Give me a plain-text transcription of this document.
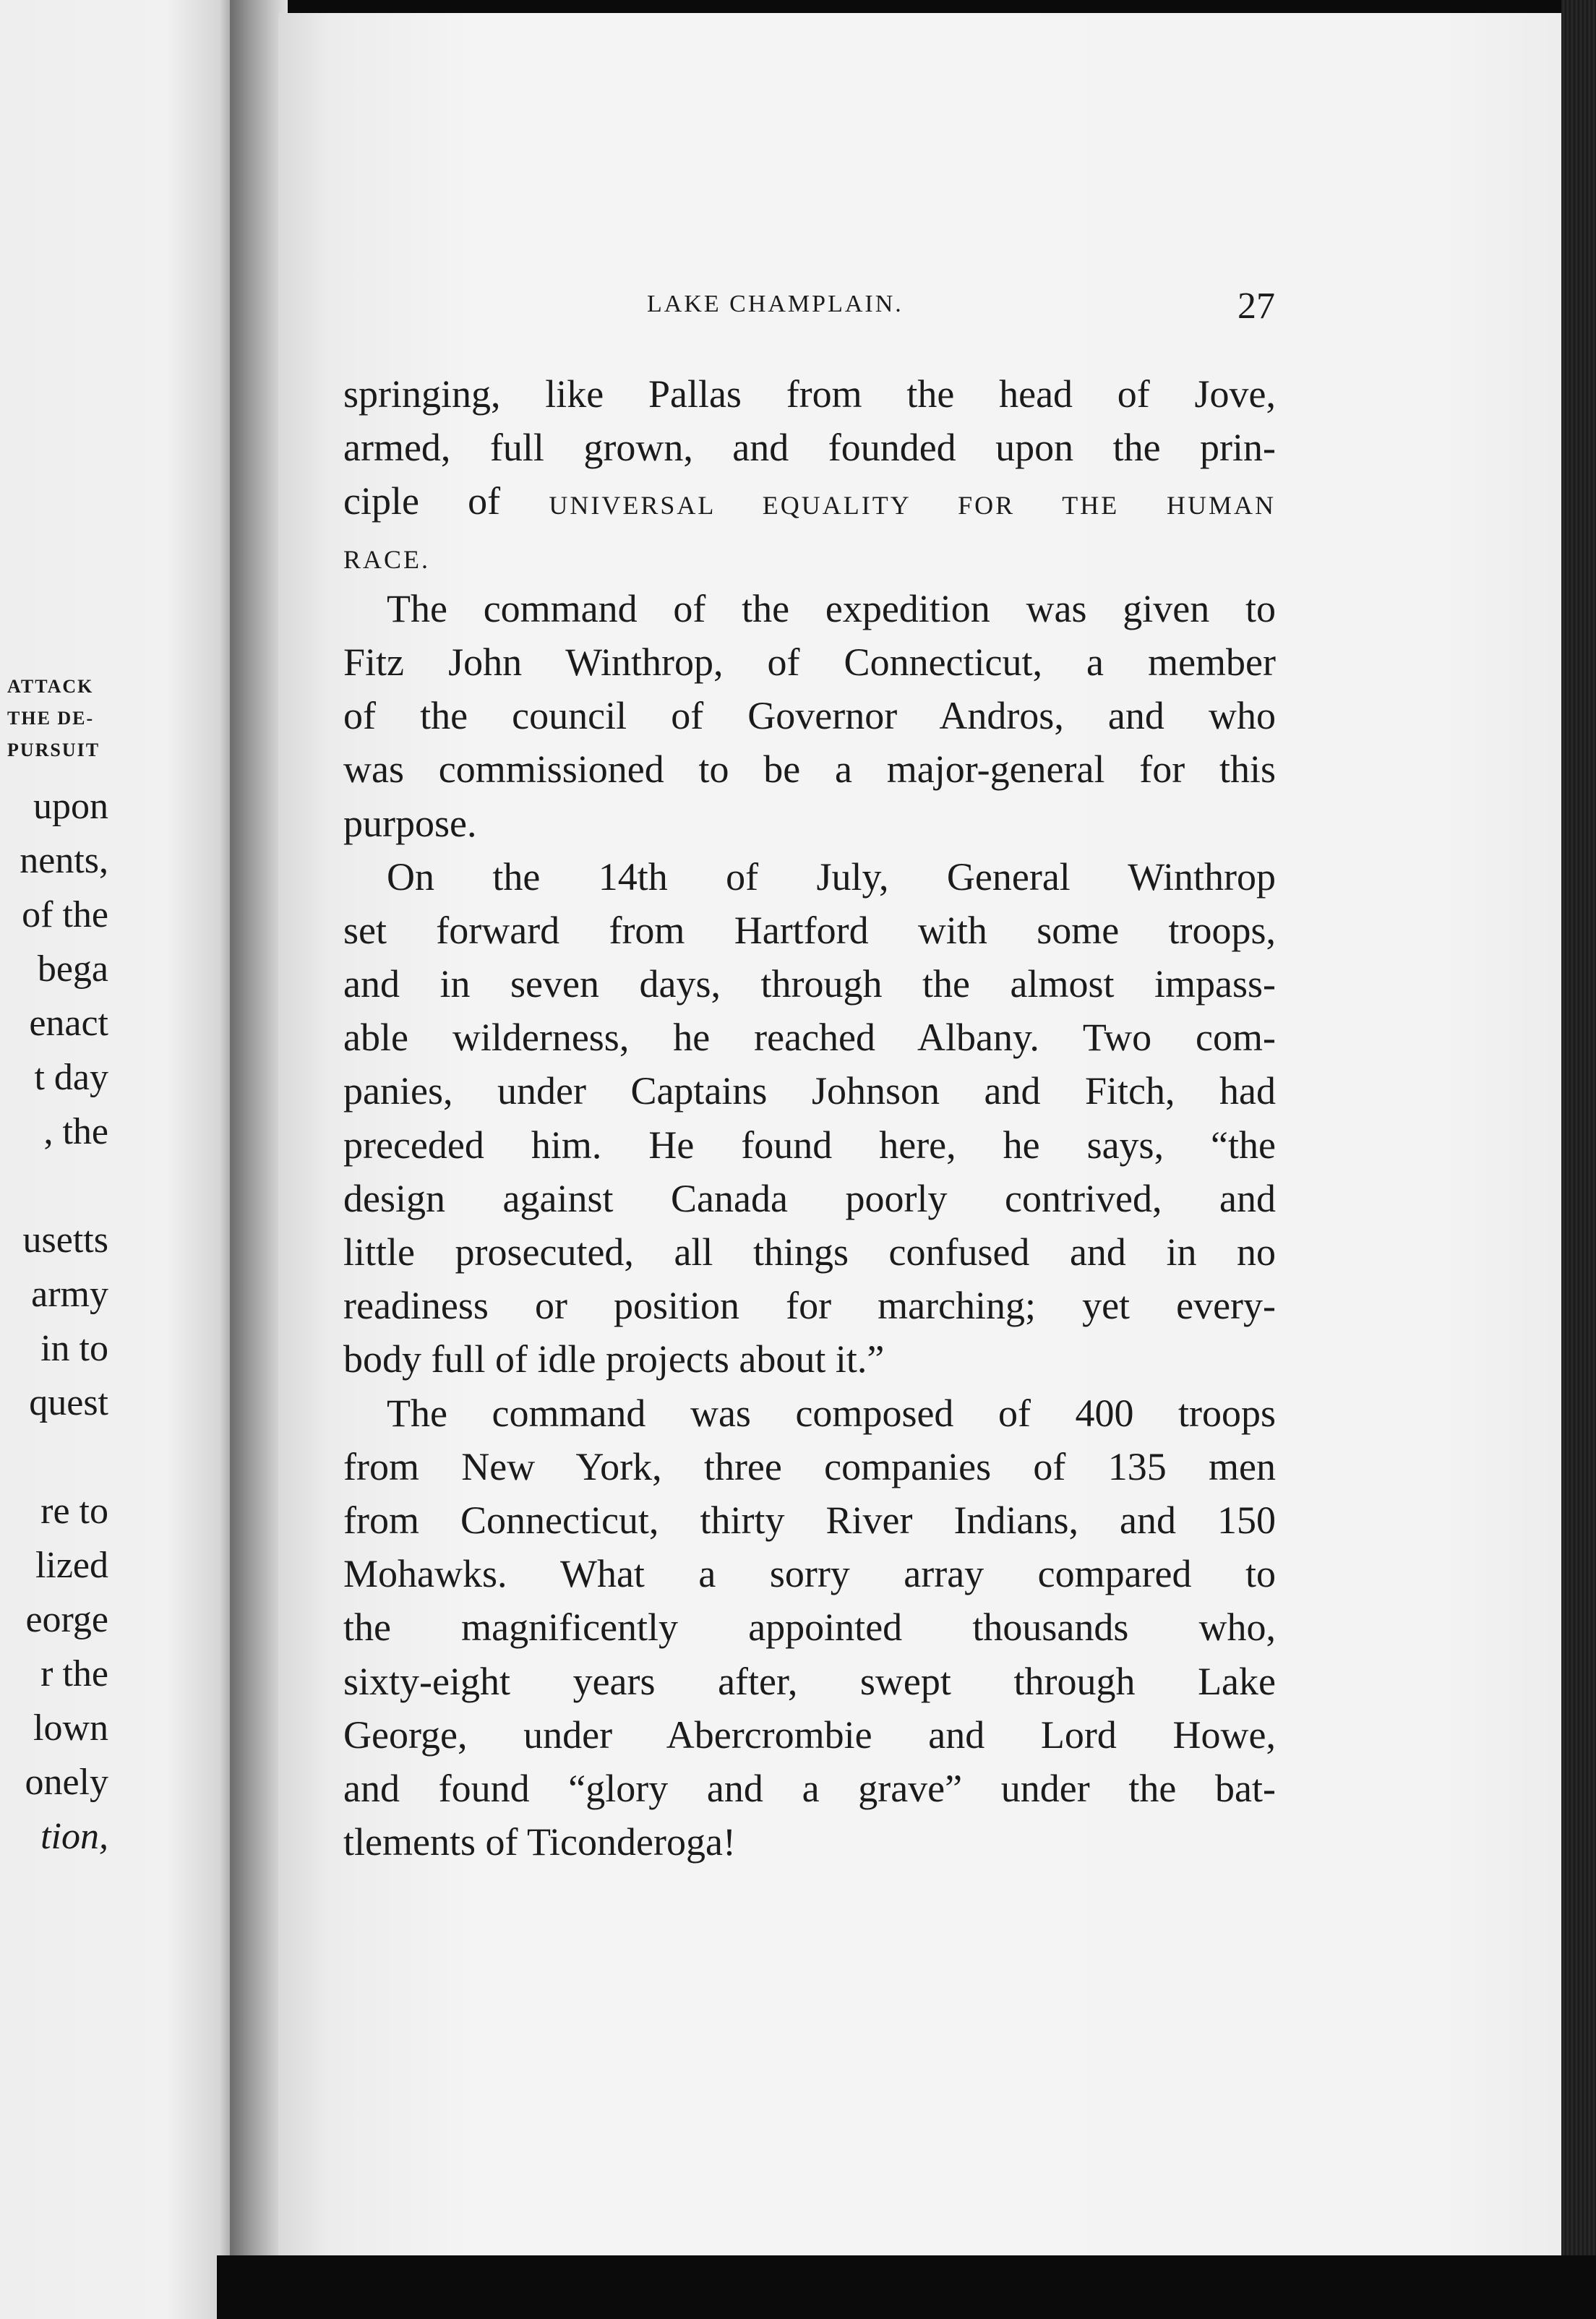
ATTACK
THE DE-
PURSUIT
upon
nents,
of the
bega
enact
t day
, the
usetts
army
in to
quest
re to
lized
eorge
r the
lown
onely
tion,
LAKE CHAMPLAIN.	27
springing, like Pallas from the head of Jove,
armed, full grown, and founded upon the prin-
ciple of UNIVERSAL EQUALITY FOR THE HUMAN
RACE.
The command of the expedition was given to
Fitz John Winthrop, of Connecticut, a member
of the council of Governor Andros, and who
was commissioned to be a major-general for this
purpose.
On the 14th of July, General Winthrop
set forward from Hartford with some troops,
and in seven days, through the almost impass-
able wilderness, he reached Albany. Two com-
panies, under Captains Johnson and Fitch, had
preceded him. He found here, he says, “the
design against Canada poorly contrived, and
little prosecuted, all things confused and in no
readiness or position for marching; yet every-
body full of idle projects about it.”
The command was composed of 400 troops
from New York, three companies of 135 men
from Connecticut, thirty River Indians, and 150
Mohawks. What a sorry array compared to
the magnificently appointed thousands who,
sixty-eight years after, swept through Lake
George, under Abercrombie and Lord Howe,
and found “glory and a grave” under the bat-
tlements of Ticonderoga!
